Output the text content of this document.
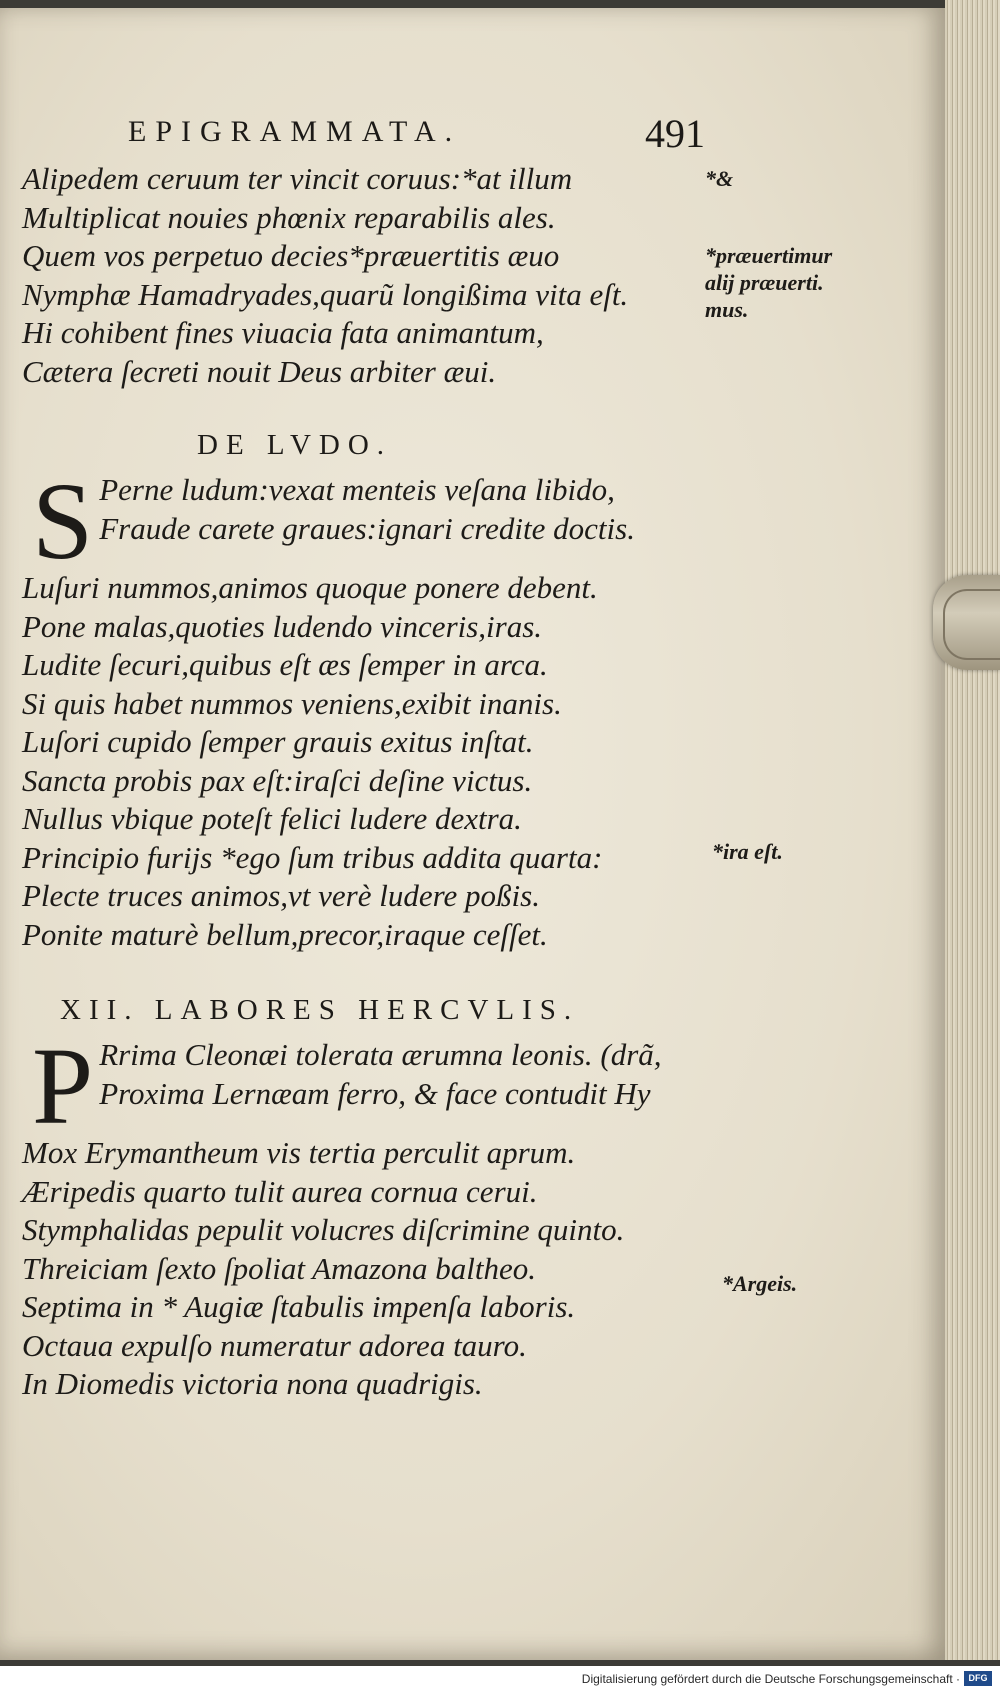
EPIGRAMMATA.	491
Alipedem ceruum ter vincit coruus:*at illum
Multiplicat nouies phœnix reparabilis ales.
Quem vos perpetuo decies*præuertitis æuo
Nymphæ Hamadryades,quarũ longißima vita eſt.
Hi cohibent fines viuacia fata animantum,
Cætera ſecreti nouit Deus arbiter æui.
DE LVDO.
S Perne ludum:vexat menteis veſana libido,
Fraude carete graues:ignari credite doctis.
Luſuri nummos,animos quoque ponere debent.
Pone malas,quoties ludendo vinceris,iras.
Ludite ſecuri,quibus eſt æs ſemper in arca.
Si quis habet nummos veniens,exibit inanis.
Luſori cupido ſemper grauis exitus inſtat.
Sancta probis pax eſt:iraſci deſine victus.
Nullus vbique poteſt felici ludere dextra.
Principio furijs *ego ſum tribus addita quarta:
Plecte truces animos,vt verè ludere poßis.
Ponite maturè bellum,precor,iraque ceſſet.
XII. LABORES HERCVLIS.
P Rrima Cleonæi tolerata ærumna leonis. (drã,
Proxima Lernæam ferro, & face contudit Hy
Mox Erymantheum vis tertia perculit aprum.
Æripedis quarto tulit aurea cornua cerui.
Stymphalidas pepulit volucres diſcrimine quinto.
Threiciam ſexto ſpoliat Amazona baltheo.
Septima in * Augiæ ſtabulis impenſa laboris.
Octaua expulſo numeratur adorea tauro.
In Diomedis victoria nona quadrigis.
*&
*præuertimur
alij præuerti.
mus.
*ira eſt.
*Argeis.
Digitalisierung gefördert durch die Deutsche Forschungsgemeinschaft · DFG
